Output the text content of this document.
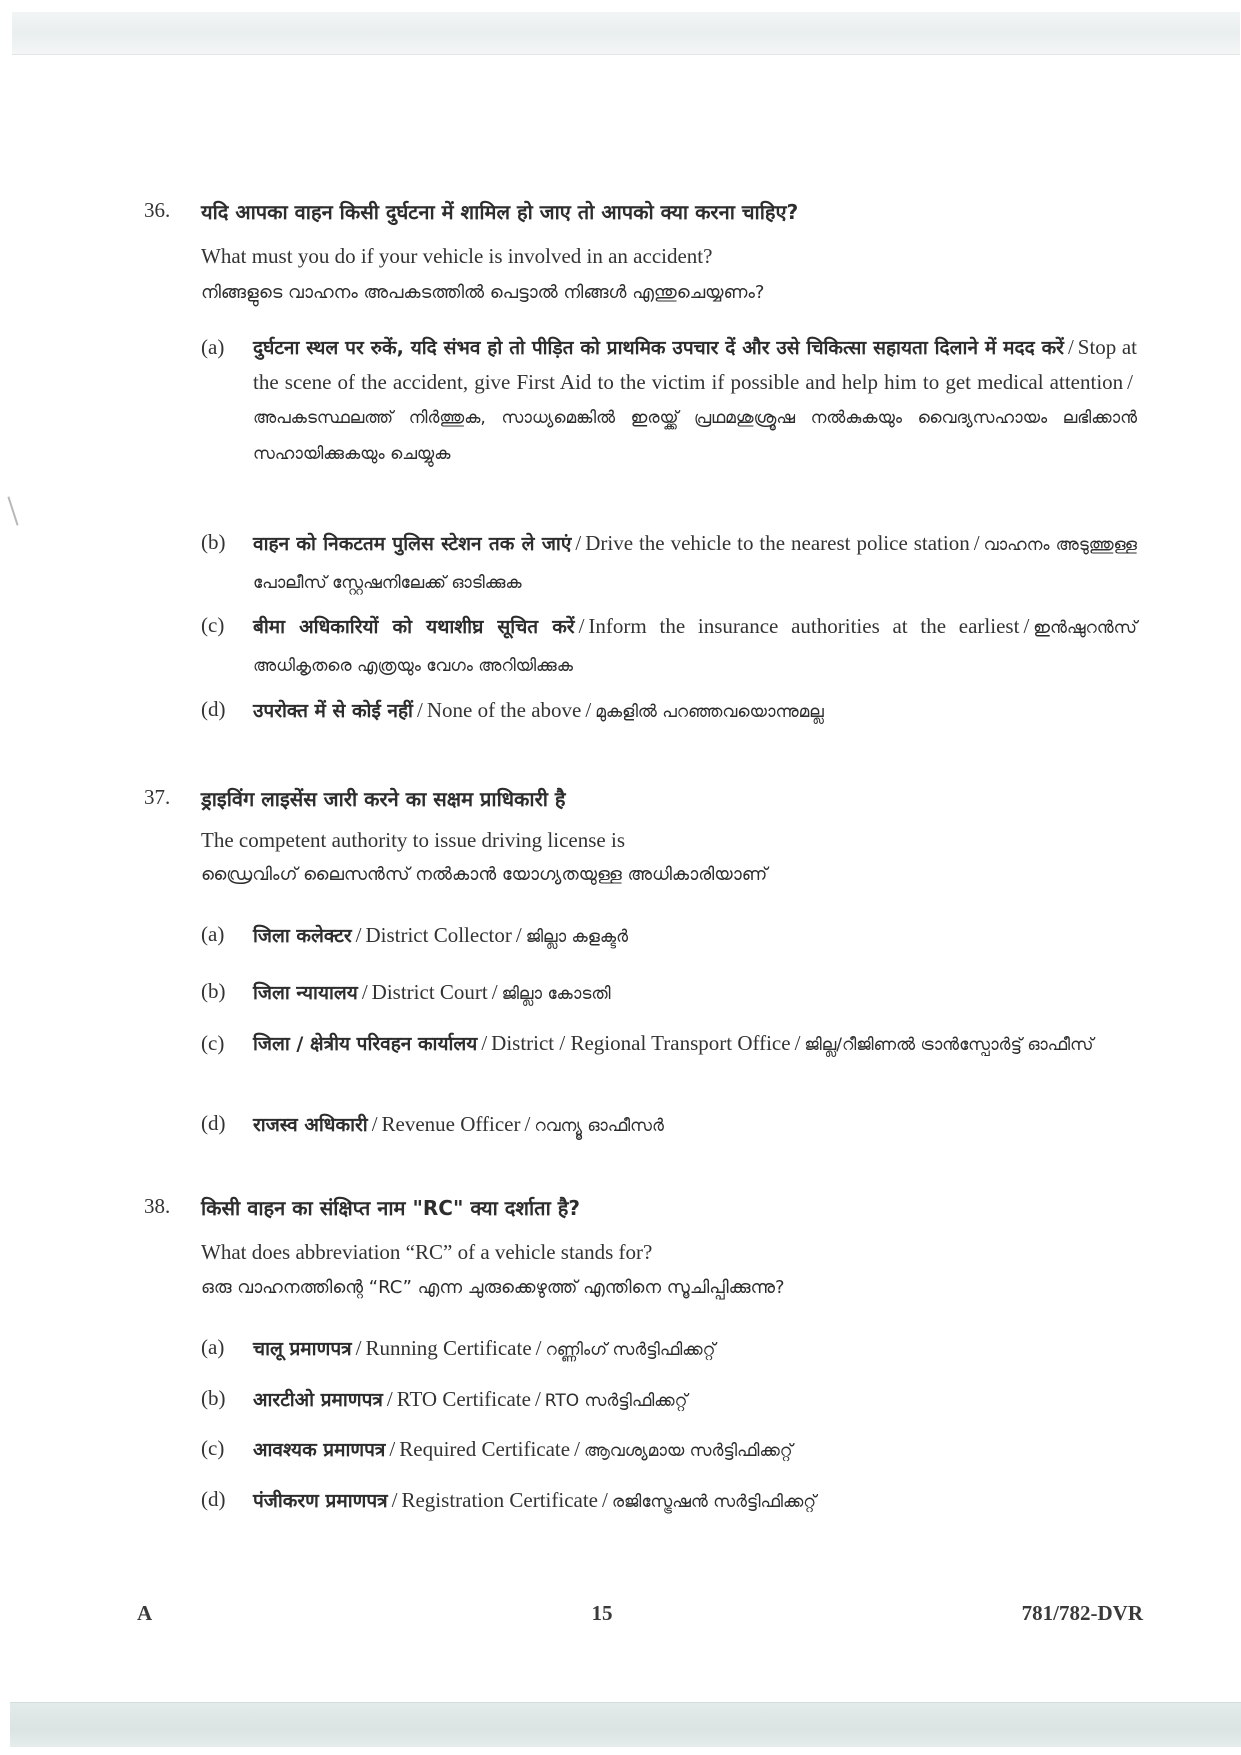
36. यदि आपका वाहन किसी दुर्घटना में शामिल हो जाए तो आपको क्या करना चाहिए?
What must you do if your vehicle is involved in an accident?
നിങ്ങളുടെ വാഹനം അപകടത്തിൽ പെട്ടാൽ നിങ്ങൾ എന്തുചെയ്യണം?
(a) दुर्घटना स्थल पर रुकें, यदि संभव हो तो पीड़ित को प्राथमिक उपचार दें और उसे चिकित्सा सहायता दिलाने में मदद करें / Stop at the scene of the accident, give First Aid to the victim if possible and help him to get medical attention /അപകടസ്ഥലത്ത് നിർത്തുക, സാധ്യമെങ്കിൽ ഇരയ്ക്ക് പ്രഥമശുശ്രൂഷ നൽകുകയും വൈദ്യസഹായം ലഭിക്കാൻ സഹായിക്കുകയും ചെയ്യുക
(b) वाहन को निकटतम पुलिस स्टेशन तक ले जाएं / Drive the vehicle to the nearest police station / വാഹനം അടുത്തുള്ള പോലീസ് സ്റ്റേഷനിലേക്ക് ഓടിക്കുക
(c) बीमा अधिकारियों को यथाशीघ्र सूचित करें / Inform the insurance authorities at the earliest / ഇൻഷുറൻസ് അധികൃതരെ എത്രയും വേഗം അറിയിക്കുക
(d) उपरोक्त में से कोई नहीं / None of the above / മുകളിൽ പറഞ്ഞവയൊന്നുമല്ല
37. ड्राइविंग लाइसेंस जारी करने का सक्षम प्राधिकारी है
The competent authority to issue driving license is
ഡ്രൈവിംഗ് ലൈസൻസ് നൽകാൻ യോഗ്യതയുള്ള അധികാരിയാണ്
(a) जिला कलेक्टर / District Collector / ജില്ലാ കളക്ടർ
(b) जिला न्यायालय / District Court / ജില്ലാ കോടതി
(c) जिला / क्षेत्रीय परिवहन कार्यालय / District / Regional Transport Office / ജില്ല/റീജിണൽ ട്രാൻസ്പോർട്ട് ഓഫീസ്
(d) राजस्व अधिकारी / Revenue Officer / റവന്യൂ ഓഫീസർ
38. किसी वाहन का संक्षिप्त नाम "RC" क्या दर्शाता है?
What does abbreviation “RC” of a vehicle stands for?
ഒരു വാഹനത്തിന്റെ “RC” എന്ന ചുരുക്കെഴുത്ത് എന്തിനെ സൂചിപ്പിക്കുന്നു?
(a) चालू प्रमाणपत्र / Running Certificate / റണ്ണിംഗ് സർട്ടിഫിക്കറ്റ്
(b) आरटीओ प्रमाणपत्र / RTO Certificate / RTO സർട്ടിഫിക്കറ്റ്
(c) आवश्यक प्रमाणपत्र / Required Certificate / ആവശ്യമായ സർട്ടിഫിക്കറ്റ്
(d) पंजीकरण प्रमाणपत्र / Registration Certificate / രജിസ്ട്രേഷൻ സർട്ടിഫിക്കറ്റ്
A	15	781/782-DVR
